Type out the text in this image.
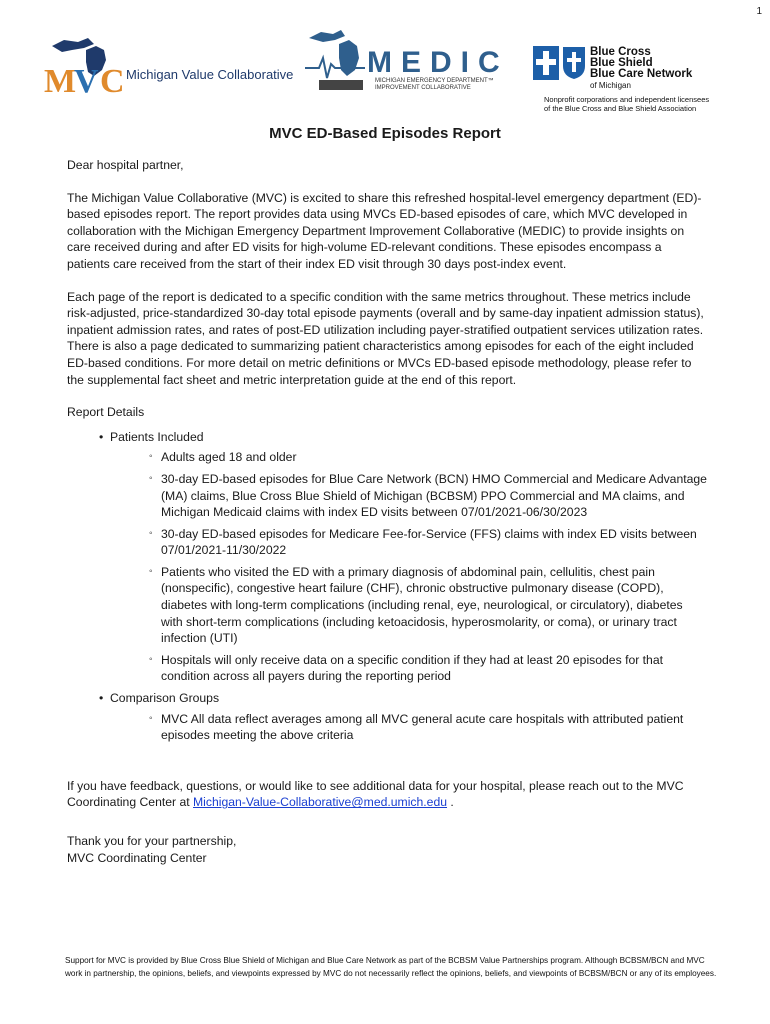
1
M
V C Michigan Value Collaborative MEDIC
MICHIGAN EMERGENCY DEPARTMENT™
IMPROVEMENT COLLABORATIVE
Blue Cross
Blue Shield
Blue Care Network
of Michigan
Nonprofit corporations and independent licensees
of the Blue Cross and Blue Shield Association
MVC ED-Based Episodes Report

Dear hospital partner,

The Michigan Value Collaborative (MVC) is excited to share this refreshed hospital-level emergency department (ED)-based episodes report. The report provides data using MVCs ED-based episodes of care, which MVC developed in collaboration with the Michigan Emergency Department Improvement Collaborative (MEDIC) to provide insights on care received during and after ED visits for high-volume ED-relevant conditions. These episodes encompass a patients care received from the start of their index ED visit through 30 days post-index event.

Each page of the report is dedicated to a specific condition with the same metrics throughout. These metrics include risk-adjusted, price-standardized 30-day total episode payments (overall and by same-day inpatient admission status), inpatient admission rates, and rates of post-ED utilization including payer-stratified outpatient services utilization rates. There is also a page dedicated to summarizing patient characteristics among episodes for each of the eight included ED-based conditions. For more detail on metric definitions or MVCs ED-based episode methodology, please refer to the supplemental fact sheet and metric interpretation guide at the end of this report.

Report Details

• Patients Included
◦ Adults aged 18 and older
◦ 30-day ED-based episodes for Blue Care Network (BCN) HMO Commercial and Medicare Advantage (MA) claims, Blue Cross Blue Shield of Michigan (BCBSM) PPO Commercial and MA claims, and Michigan Medicaid claims with index ED visits between 07/01/2021-06/30/2023
◦ 30-day ED-based episodes for Medicare Fee-for-Service (FFS) claims with index ED visits between 07/01/2021-11/30/2022
◦ Patients who visited the ED with a primary diagnosis of abdominal pain, cellulitis, chest pain (nonspecific), congestive heart failure (CHF), chronic obstructive pulmonary disease (COPD), diabetes with long-term complications (including renal, eye, neurological, or circulatory), diabetes with short-term complications (including ketoacidosis, hyperosmolarity, or coma), or urinary tract infection (UTI)
◦ Hospitals will only receive data on a specific condition if they had at least 20 episodes for that condition across all payers during the reporting period
• Comparison Groups
◦ MVC All data reflect averages among all MVC general acute care hospitals with attributed patient episodes meeting the above criteria

If you have feedback, questions, or would like to see additional data for your hospital, please reach out to the MVC Coordinating Center at Michigan-Value-Collaborative@med.umich.edu .

Thank you for your partnership,
MVC Coordinating Center

Support for MVC is provided by Blue Cross Blue Shield of Michigan and Blue Care Network as part of the BCBSM Value Partnerships program. Although BCBSM/BCN and MVC work in partnership, the opinions, beliefs, and viewpoints expressed by MVC do not necessarily reflect the opinions, beliefs, and viewpoints of BCBSM/BCN or any of its employees.
